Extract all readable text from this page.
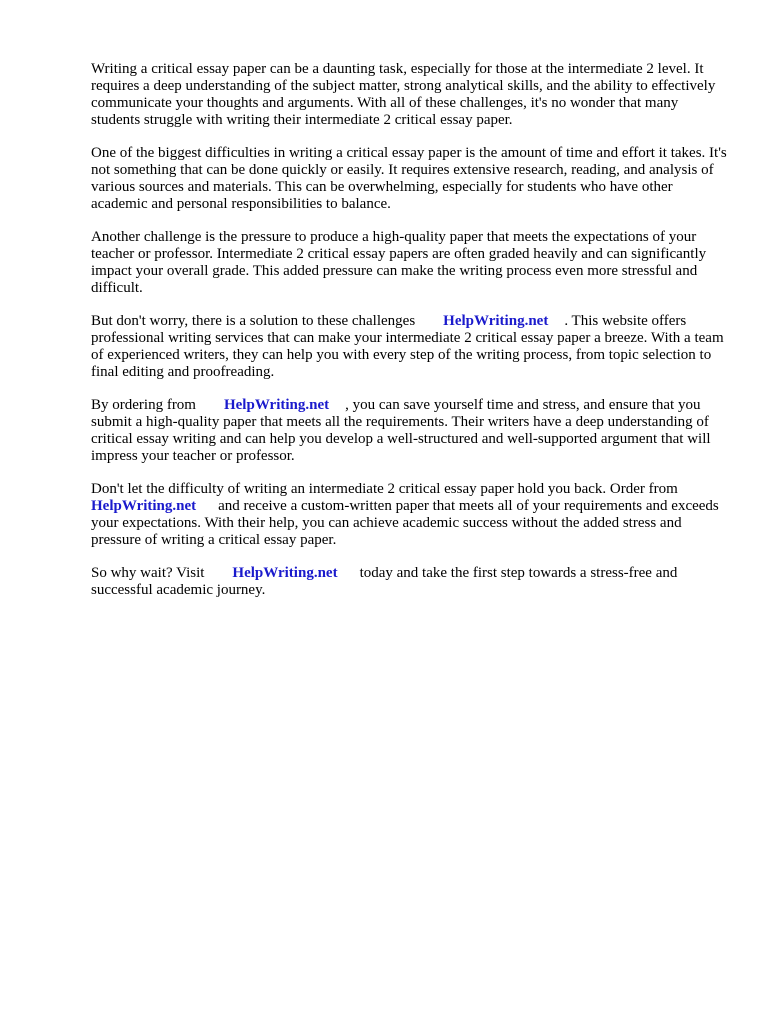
Writing a critical essay paper can be a daunting task, especially for those at the intermediate 2 level. It requires a deep understanding of the subject matter, strong analytical skills, and the ability to effectively communicate your thoughts and arguments. With all of these challenges, it's no wonder that many students struggle with writing their intermediate 2 critical essay paper.

One of the biggest difficulties in writing a critical essay paper is the amount of time and effort it takes. It's not something that can be done quickly or easily. It requires extensive research, reading, and analysis of various sources and materials. This can be overwhelming, especially for students who have other academic and personal responsibilities to balance.

Another challenge is the pressure to produce a high-quality paper that meets the expectations of your teacher or professor. Intermediate 2 critical essay papers are often graded heavily and can significantly impact your overall grade. This added pressure can make the writing process even more stressful and difficult.

But don't worry, there is a solution to these challenges HelpWriting.net . This website offers professional writing services that can make your intermediate 2 critical essay paper a breeze. With a team of experienced writers, they can help you with every step of the writing process, from topic selection to final editing and proofreading.

By ordering from HelpWriting.net , you can save yourself time and stress, and ensure that you submit a high-quality paper that meets all the requirements. Their writers have a deep understanding of critical essay writing and can help you develop a well-structured and well-supported argument that will impress your teacher or professor.

Don't let the difficulty of writing an intermediate 2 critical essay paper hold you back. Order from HelpWriting.net and receive a custom-written paper that meets all of your requirements and exceeds your expectations. With their help, you can achieve academic success without the added stress and pressure of writing a critical essay paper.

So why wait? Visit HelpWriting.net today and take the first step towards a stress-free and successful academic journey.
